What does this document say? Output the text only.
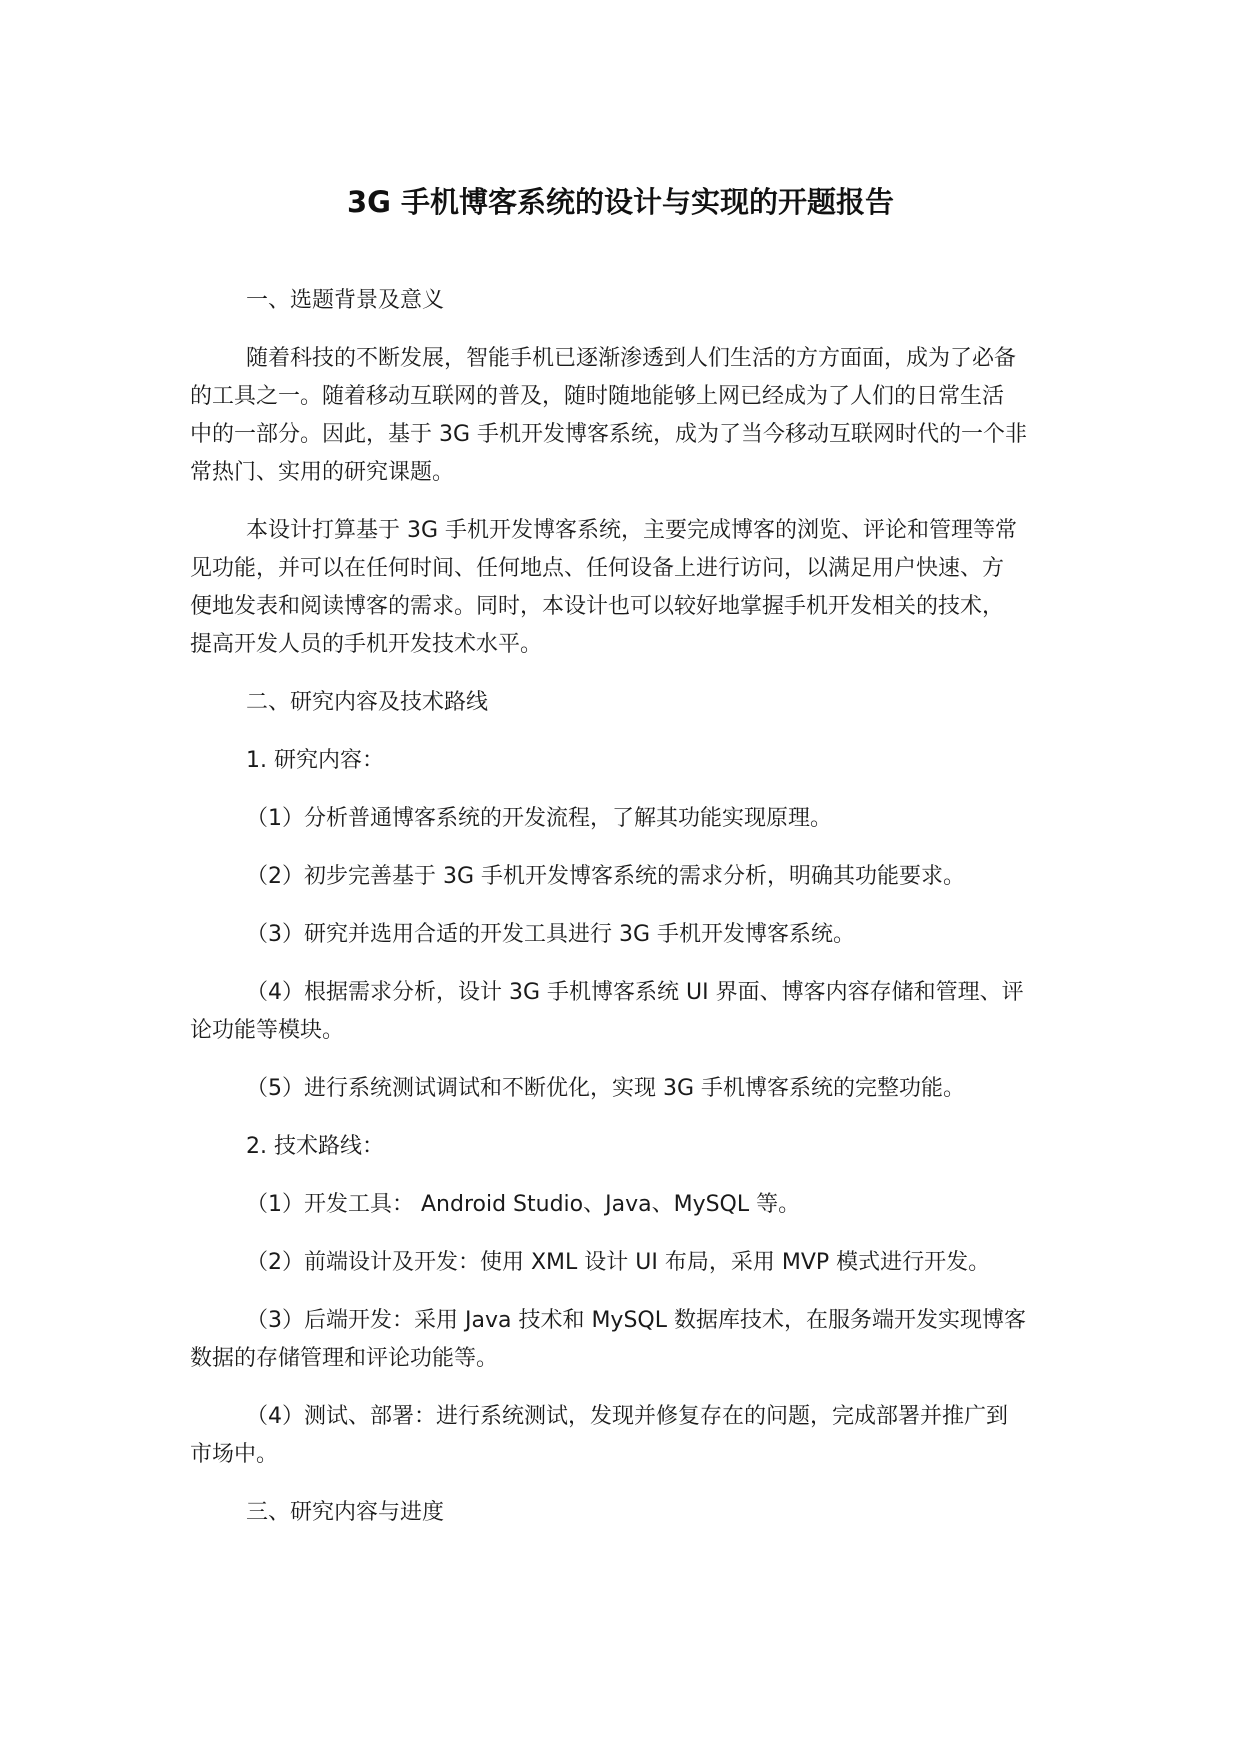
3G 手机博客系统的设计与实现的开题报告

一、选题背景及意义

随着科技的不断发展，智能手机已逐渐渗透到人们生活的方方面面，成为了必备

的工具之一。随着移动互联网的普及，随时随地能够上网已经成为了人们的日常生活

中的一部分。因此，基于 3G 手机开发博客系统，成为了当今移动互联网时代的一个非

常热门、实用的研究课题。

本设计打算基于 3G 手机开发博客系统，主要完成博客的浏览、评论和管理等常

见功能，并可以在任何时间、任何地点、任何设备上进行访问，以满足用户快速、方

便地发表和阅读博客的需求。同时，本设计也可以较好地掌握手机开发相关的技术，

提高开发人员的手机开发技术水平。

二、研究内容及技术路线

1. 研究内容：

（1）分析普通博客系统的开发流程，了解其功能实现原理。

（2）初步完善基于 3G 手机开发博客系统的需求分析，明确其功能要求。

（3）研究并选用合适的开发工具进行 3G 手机开发博客系统。

（4）根据需求分析，设计 3G 手机博客系统 UI 界面、博客内容存储和管理、评

论功能等模块。

（5）进行系统测试调试和不断优化，实现 3G 手机博客系统的完整功能。

2. 技术路线：

（1）开发工具： Android Studio、Java、MySQL 等。

（2）前端设计及开发：使用 XML 设计 UI 布局，采用 MVP 模式进行开发。

（3）后端开发：采用 Java 技术和 MySQL 数据库技术，在服务端开发实现博客

数据的存储管理和评论功能等。

（4）测试、部署：进行系统测试，发现并修复存在的问题，完成部署并推广到

市场中。

三、研究内容与进度
